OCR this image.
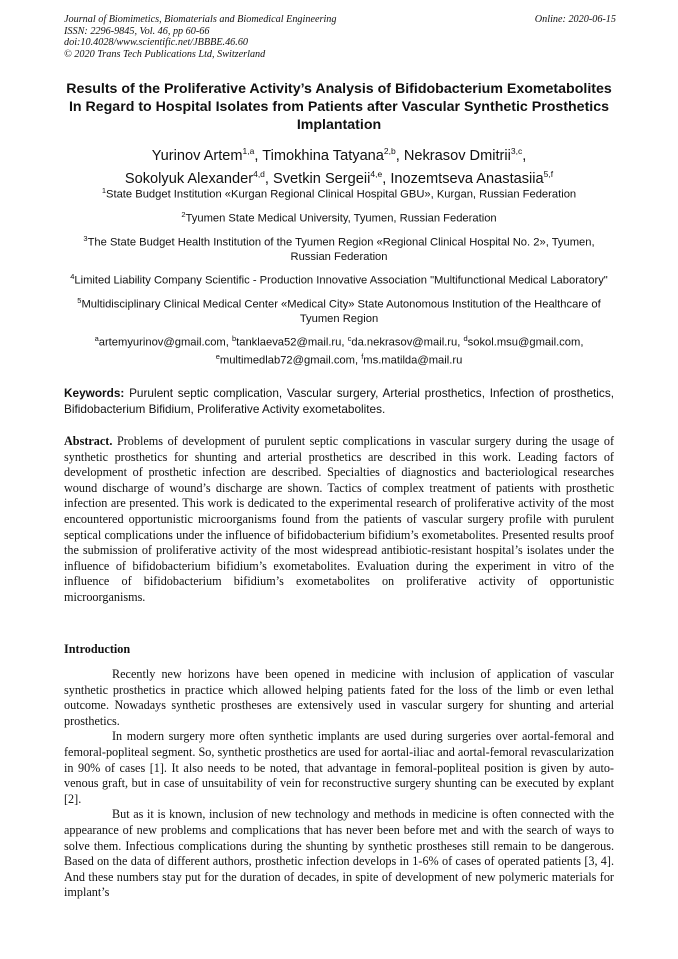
Journal of Biomimetics, Biomaterials and Biomedical Engineering	Online: 2020-06-15
ISSN: 2296-9845, Vol. 46, pp 60-66
doi:10.4028/www.scientific.net/JBBBE.46.60
© 2020 Trans Tech Publications Ltd, Switzerland
Results of the Proliferative Activity’s Analysis of Bifidobacterium Exometabolites In Regard to Hospital Isolates from Patients after Vascular Synthetic Prosthetics Implantation
Yurinov Artem$^{1,a}$, Timokhina Tatyana$^{2,b}$, Nekrasov Dmitrii$^{3,c}$,
Sokolyuk Alexander$^{4,d}$, Svetkin Sergeii$^{4,e}$, Inozemtseva Anastasiia$^{5,f}$

$^1$State Budget Institution «Kurgan Regional Clinical Hospital GBU», Kurgan, Russian Federation

$^2$Tyumen State Medical University, Tyumen, Russian Federation

$^3$The State Budget Health Institution of the Tyumen Region «Regional Clinical Hospital No. 2», Tyumen, Russian Federation

$^4$Limited Liability Company Scientific - Production Innovative Association "Multifunctional Medical Laboratory"

$^5$Multidisciplinary Clinical Medical Center «Medical City» State Autonomous Institution of the Healthcare of Tyumen Region

$^a$artemyurinov@gmail.com, $^b$tanklaeva52@mail.ru, $^c$da.nekrasov@mail.ru, $^d$sokol.msu@gmail.com,
$^e$multimedlab72@gmail.com, $^f$ms.matilda@mail.ru

Keywords: Purulent septic complication, Vascular surgery, Arterial prosthetics, Infection of prosthetics, Bifidobacterium Bifidium, Proliferative Activity exometabolites.
Abstract. Problems of development of purulent septic complications in vascular surgery during the usage of synthetic prosthetics for shunting and arterial prosthetics are described in this work. Leading factors of development of prosthetic infection are described. Specialties of diagnostics and bacteriological researches wound discharge of wound’s discharge are shown. Tactics of complex treatment of patients with prosthetic infection are presented. This work is dedicated to the experimental research of proliferative activity of the most encountered opportunistic microorganisms found from the patients of vascular surgery profile with purulent septical complications under the influence of bifidobacterium bifidium’s exometabolites. Presented results proof the submission of proliferative activity of the most widespread antibiotic-resistant hospital’s isolates under the influence of bifidobacterium bifidium’s exometabolites. Evaluation during the experiment in vitro of the influence of bifidobacterium bifidium’s exometabolites on proliferative activity of opportunistic microorganisms.
Introduction

Recently new horizons have been opened in medicine with inclusion of application of vascular synthetic prosthetics in practice which allowed helping patients fated for the loss of the limb or even lethal outcome. Nowadays synthetic prostheses are extensively used in vascular surgery for shunting and arterial prosthetics.

In modern surgery more often synthetic implants are used during surgeries over aortal-femoral and femoral-popliteal segment. So, synthetic prosthetics are used for aortal-iliac and aortal-femoral revascularization in 90% of cases [1]. It also needs to be noted, that advantage in femoral-popliteal position is given by auto-venous graft, but in case of unsuitability of vein for reconstructive surgery shunting can be executed by explant [2].

But as it is known, inclusion of new technology and methods in medicine is often connected with the appearance of new problems and complications that has never been before met and with the search of ways to solve them. Infectious complications during the shunting by synthetic prostheses still remain to be dangerous. Based on the data of different authors, prosthetic infection develops in 1-6% of cases of operated patients [3, 4]. And these numbers stay put for the duration of decades, in spite of development of new polymeric materials for implant’s
